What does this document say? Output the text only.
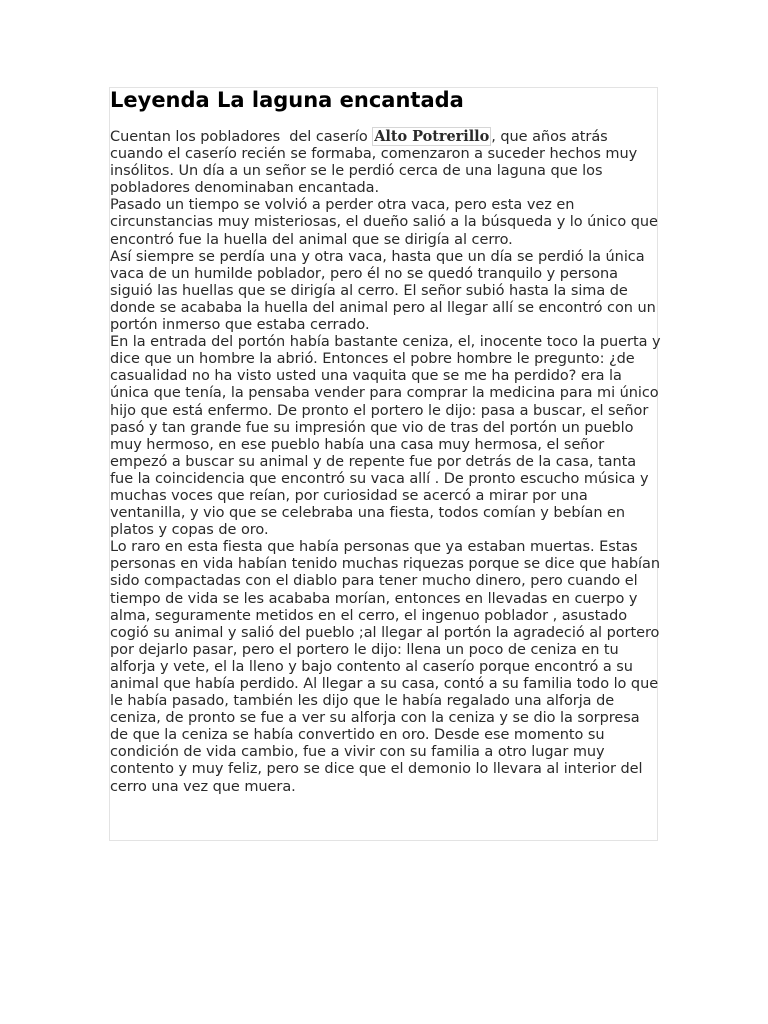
Leyenda La laguna encantada

Cuentan los pobladores  del caserío Alto Potrerillo , que años atrás cuando el caserío recién se formaba, comenzaron a suceder hechos muy insólitos. Un día a un señor se le perdió cerca de una laguna que los pobladores denominaban encantada.

Pasado un tiempo se volvió a perder otra vaca, pero esta vez en circunstancias muy misteriosas, el dueño salió a la búsqueda y lo único que encontró fue la huella del animal que se dirigía al cerro.

Así siempre se perdía una y otra vaca, hasta que un día se perdió la única vaca de un humilde poblador, pero él no se quedó tranquilo y persona siguió las huellas que se dirigía al cerro. El señor subió hasta la sima de donde se acababa la huella del animal pero al llegar allí se encontró con un portón inmerso que estaba cerrado.

En la entrada del portón había bastante ceniza, el, inocente toco la puerta y dice que un hombre la abrió. Entonces el pobre hombre le pregunto: ¿de casualidad no ha visto usted una vaquita que se me ha perdido? era la única que tenía, la pensaba vender para comprar la medicina para mi único hijo que está enfermo. De pronto el portero le dijo: pasa a buscar, el señor pasó y tan grande fue su impresión que vio de tras del portón un pueblo muy hermoso, en ese pueblo había una casa muy hermosa, el señor empezó a buscar su animal y de repente fue por detrás de la casa, tanta fue la coincidencia que encontró su vaca allí . De pronto escucho música y muchas voces que reían, por curiosidad se acercó a mirar por una ventanilla, y vio que se celebraba una fiesta, todos comían y bebían en platos y copas de oro.

Lo raro en esta fiesta que había personas que ya estaban muertas. Estas personas en vida habían tenido muchas riquezas porque se dice que habían sido compactadas con el diablo para tener mucho dinero, pero cuando el tiempo de vida se les acababa morían, entonces en llevadas en cuerpo y alma, seguramente metidos en el cerro, el ingenuo poblador , asustado cogió su animal y salió del pueblo ;al llegar al portón la agradeció al portero por dejarlo pasar, pero el portero le dijo: llena un poco de ceniza en tu alforja y vete, el la lleno y bajo contento al caserío porque encontró a su animal que había perdido. Al llegar a su casa, contó a su familia todo lo que le había pasado, también les dijo que le había regalado una alforja de ceniza, de pronto se fue a ver su alforja con la ceniza y se dio la sorpresa de que la ceniza se había convertido en oro. Desde ese momento su condición de vida cambio, fue a vivir con su familia a otro lugar muy contento y muy feliz, pero se dice que el demonio lo llevara al interior del cerro una vez que muera.
